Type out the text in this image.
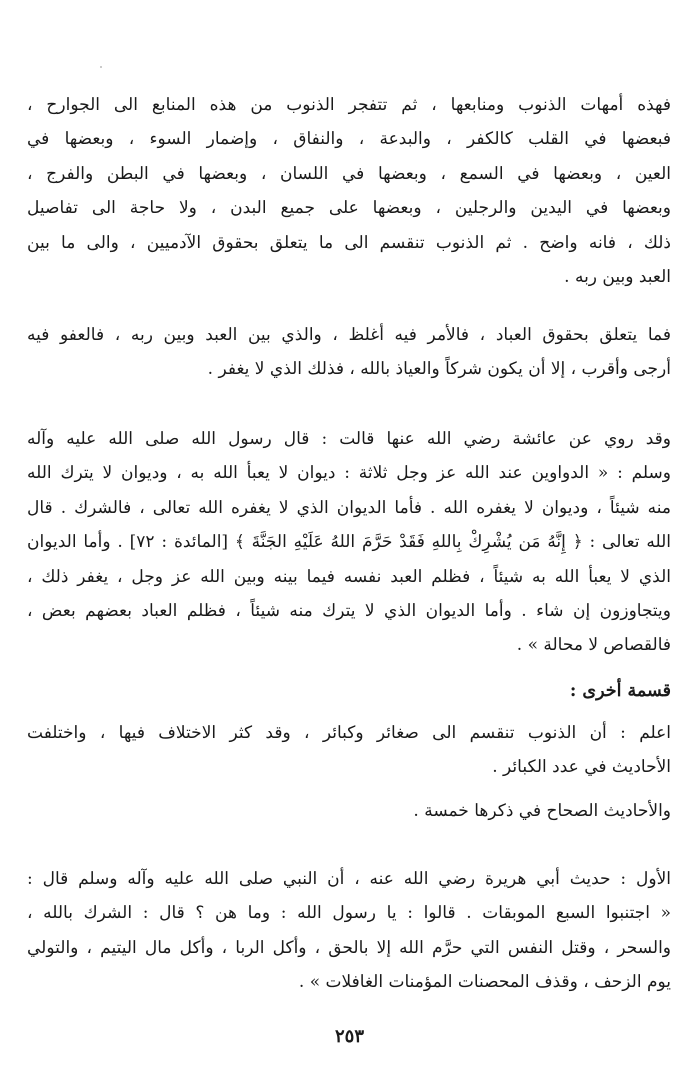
فهذه أمهات الذنوب ومنابعها ، ثم تتفجر الذنوب من هذه المنابع الى الجوارح ،
فبعضها في القلب كالكفر ، والبدعة ، والنفاق ، وإضمار السوء ، وبعضها في
العين ، وبعضها في السمع ، وبعضها في اللسان ، وبعضها في البطن والفرج ،
وبعضها في اليدين والرجلين ، وبعضها على جميع البدن ، ولا حاجة الى تفاصيل
ذلك ، فانه واضح . ثم الذنوب تنقسم الى ما يتعلق بحقوق الآدميين ، والى ما بين
العبد وبين ربه .
فما يتعلق بحقوق العباد ، فالأمر فيه أغلظ ، والذي بين العبد وبين ربه ، فالعفو فيه
أرجى وأقرب ، إلا أن يكون شركاً والعياذ بالله ، فذلك الذي لا يغفر .
وقد روي عن عائشة رضي الله عنها قالت : قال رسول الله صلى الله عليه وآله
وسلم : « الدواوين عند الله عز وجل ثلاثة : ديوان لا يعبأ الله به ، وديوان لا يترك الله
منه شيئاً ، وديوان لا يغفره الله . فأما الديوان الذي لا يغفره الله تعالى ، فالشرك . قال
الله تعالى : ﴿ إِنَّهُ مَن يُشْرِكْ بِاللهِ فَقَدْ حَرَّمَ اللهُ عَلَيْهِ الجَنَّةَ ﴾ [المائدة : ٧٢] . وأما الديوان
الذي لا يعبأ الله به شيئاً ، فظلم العبد نفسه فيما بينه وبين الله عز وجل ، يغفر ذلك ،
ويتجاوزون إن شاء . وأما الديوان الذي لا يترك منه شيئاً ، فظلم العباد بعضهم بعض ،
فالقصاص لا محالة » .
قسمة أخرى :
اعلم : أن الذنوب تنقسم الى صغائر وكبائر ، وقد كثر الاختلاف فيها ، واختلفت
الأحاديث في عدد الكبائر .
والأحاديث الصحاح في ذكرها خمسة .
الأول : حديث أبي هريرة رضي الله عنه ، أن النبي صلى الله عليه وآله وسلم قال :
« اجتنبوا السبع الموبقات . قالوا : يا رسول الله : وما هن ؟ قال : الشرك بالله ،
والسحر ، وقتل النفس التي حرَّم الله إلا بالحق ، وأكل الربا ، وأكل مال اليتيم ، والتولي
يوم الزحف ، وقذف المحصنات المؤمنات الغافلات » .
٢٥٣
